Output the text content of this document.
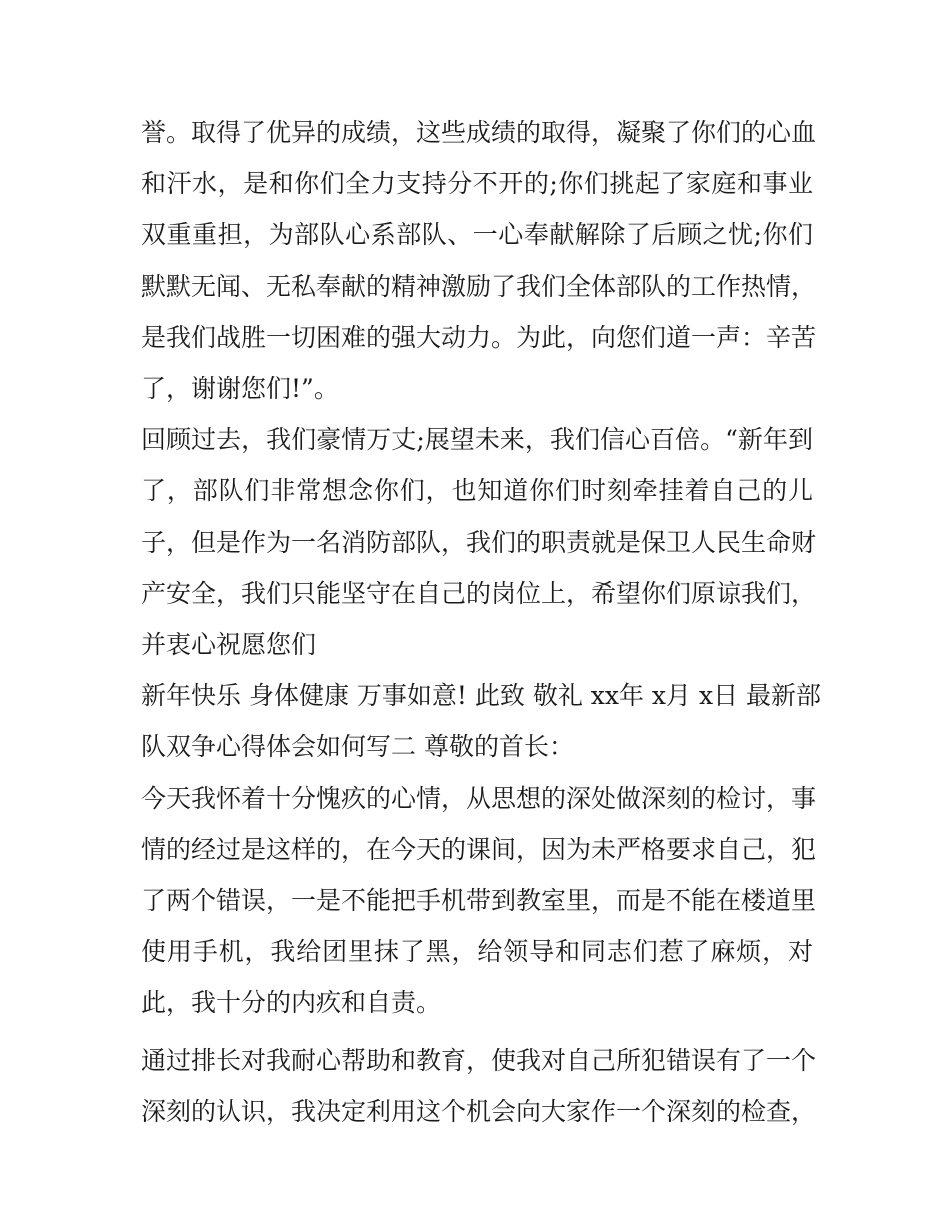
誉。取得了优异的成绩，这些成绩的取得，凝聚了你们的心血
和汗水，是和你们全力支持分不开的;你们挑起了家庭和事业
双重重担，为部队心系部队、一心奉献解除了后顾之忧;你们
默默无闻、无私奉献的精神激励了我们全体部队的工作热情，
是我们战胜一切困难的强大动力。为此，向您们道一声：辛苦
了，谢谢您们!”。

回顾过去，我们豪情万丈;展望未来，我们信心百倍。“新年到
了，部队们非常想念你们，也知道你们时刻牵挂着自己的儿
子，但是作为一名消防部队，我们的职责就是保卫人民生命财
产安全，我们只能坚守在自己的岗位上，希望你们原谅我们，
并衷心祝愿您们

新年快乐 身体健康 万事如意! 此致 敬礼 xx年 x月 x日 最新部
队双争心得体会如何写二 尊敬的首长：

今天我怀着十分愧疚的心情，从思想的深处做深刻的检讨，事
情的经过是这样的，在今天的课间，因为未严格要求自己，犯
了两个错误，一是不能把手机带到教室里，而是不能在楼道里
使用手机，我给团里抹了黑，给领导和同志们惹了麻烦，对
此，我十分的内疚和自责。

通过排长对我耐心帮助和教育，使我对自己所犯错误有了一个
深刻的认识，我决定利用这个机会向大家作一个深刻的检查，
